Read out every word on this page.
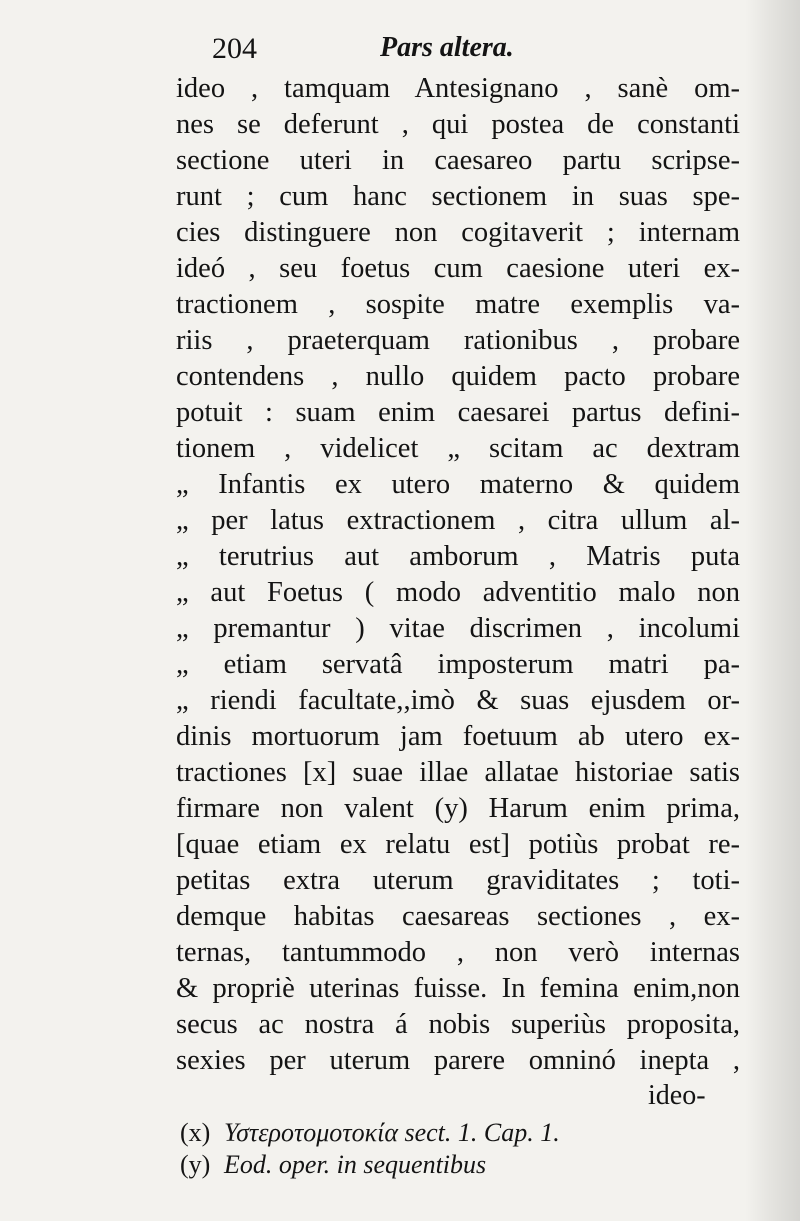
204	Pars altera.
ideo , tamquam Antesignano , sanè om-
nes se deferunt , qui postea de constanti
sectione uteri in caesareo partu scripse-
runt ; cum hanc sectionem in suas spe-
cies distinguere non cogitaverit ; internam
ideó , seu foetus cum caesione uteri ex-
tractionem , sospite matre exemplis va-
riis , praeterquam rationibus , probare
contendens , nullo quidem pacto probare
potuit : suam enim caesarei partus defini-
tionem , videlicet „ scitam ac dextram
„ Infantis ex utero materno & quidem
„ per latus extractionem , citra ullum al-
„ terutrius aut amborum , Matris puta
„ aut Foetus ( modo adventitio malo non
„ premantur ) vitae discrimen , incolumi
„ etiam servatâ imposterum matri pa-
„ riendi facultate,,imò & suas ejusdem or-
dinis mortuorum jam foetuum ab utero ex-
tractiones [x] suae illae allatae historiae satis
firmare non valent (y) Harum enim prima,
[quae etiam ex relatu est] potiùs probat re-
petitas extra uterum graviditates ; toti-
demque habitas caesareas sectiones , ex-
ternas, tantummodo , non verò internas
& propriè uterinas fuisse. In femina enim,non
secus ac nostra á nobis superiùs proposita,
sexies per uterum parere omninó inepta ,
ideo-
(x) Υστεροτομοτοκία sect. 1. Cap. 1.
(y) Eod. oper. in sequentibus
